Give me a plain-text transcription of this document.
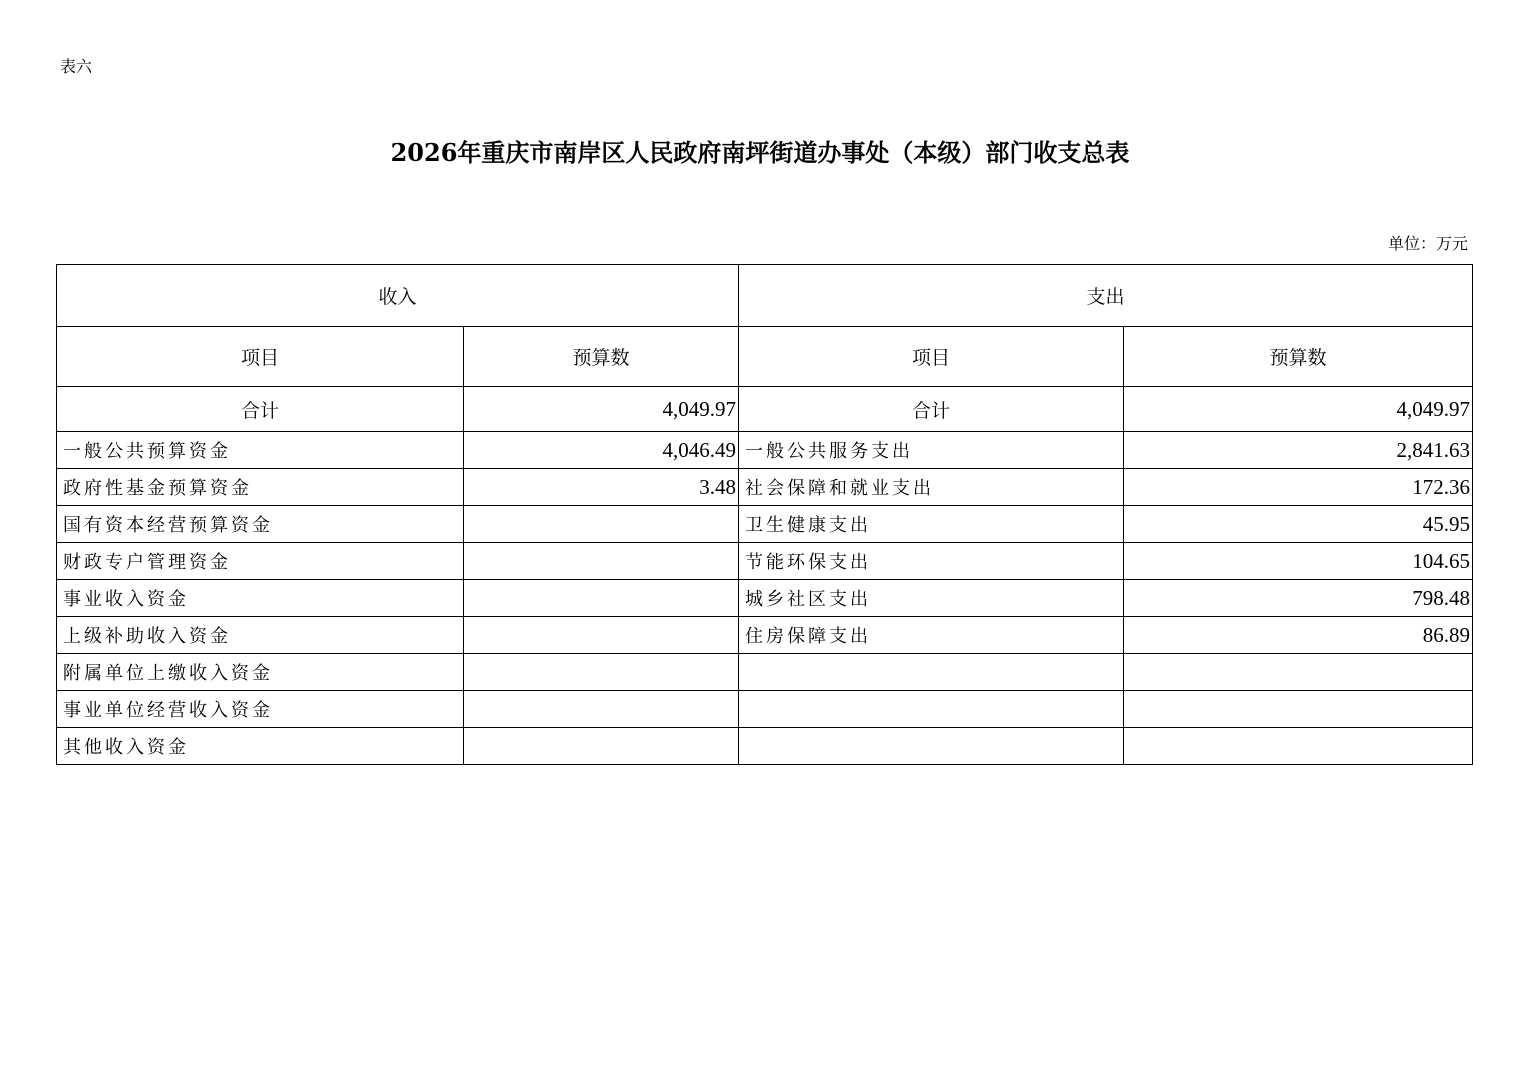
表六
2026年重庆市南岸区人民政府南坪街道办事处（本级）部门收支总表
单位：万元
收入		支出	
项目	预算数	项目	预算数
合计	4,049.97	合计	4,049.97
一般公共预算资金	4,046.49	一般公共服务支出	2,841.63
政府性基金预算资金	3.48	社会保障和就业支出	172.36
国有资本经营预算资金		卫生健康支出	45.95
财政专户管理资金		节能环保支出	104.65
事业收入资金		城乡社区支出	798.48
上级补助收入资金		住房保障支出	86.89
附属单位上缴收入资金			
事业单位经营收入资金			
其他收入资金			
